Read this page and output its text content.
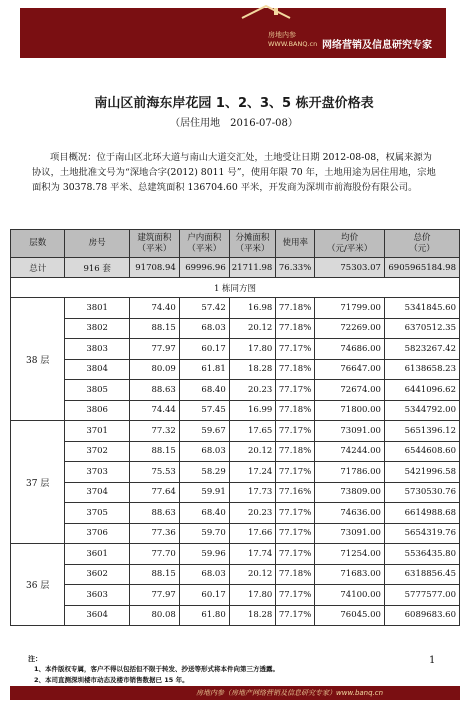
房地内参
WWW.BANQ.cn 网络营销及信息研究专家
南山区前海东岸花园 1、2、3、5 栋开盘价格表
（居住用地　2016-07-08）

项目概况：位于南山区北环大道与南山大道交汇处，土地受让日期 2012-08-08，权属来源为协议，土地批准文号为“深地合字(2012) 8011 号”，使用年限 70 年，土地用途为居住用地，宗地面积为 30378.78 平米、总建筑面积 136704.60 平米，开发商为深圳市前海股份有限公司。

层数	房号	建筑面积
（平米）	户内面积
（平米）	分摊面积
（平米）	使用率	均价
（元/平米）	总价
（元）
总计	916 套	91708.94	69996.96	21711.98	76.33%	75303.07	6905965184.98
1 栋同方图							
38 层	3801	74.40	57.42	16.98	77.18%	71799.00	5341845.60
	3802	88.15	68.03	20.12	77.18%	72269.00	6370512.35
	3803	77.97	60.17	17.80	77.17%	74686.00	5823267.42
	3804	80.09	61.81	18.28	77.18%	76647.00	6138658.23
	3805	88.63	68.40	20.23	77.17%	72674.00	6441096.62
	3806	74.44	57.45	16.99	77.18%	71800.00	5344792.00
37 层	3701	77.32	59.67	17.65	77.17%	73091.00	5651396.12
	3702	88.15	68.03	20.12	77.18%	74244.00	6544608.60
	3703	75.53	58.29	17.24	77.17%	71786.00	5421996.58
	3704	77.64	59.91	17.73	77.16%	73809.00	5730530.76
	3705	88.63	68.40	20.23	77.17%	74636.00	6614988.68
	3706	77.36	59.70	17.66	77.17%	73091.00	5654319.76
36 层	3601	77.70	59.96	17.74	77.17%	71254.00	5536435.80
	3602	88.15	68.03	20.12	77.18%	71683.00	6318856.45
	3603	77.97	60.17	17.80	77.17%	74100.00	5777577.00
	3604	80.08	61.80	18.28	77.17%	76045.00	6089683.60
1
注：
1、本件版权专属，客户不得以包括但不限于转发、抄送等形式将本件向第三方透露。
2、本司直测深圳楼市动态及楼市销售数据已 15 年。
房地内参（房地产网络营销及信息研究专家）www.banq.cn
